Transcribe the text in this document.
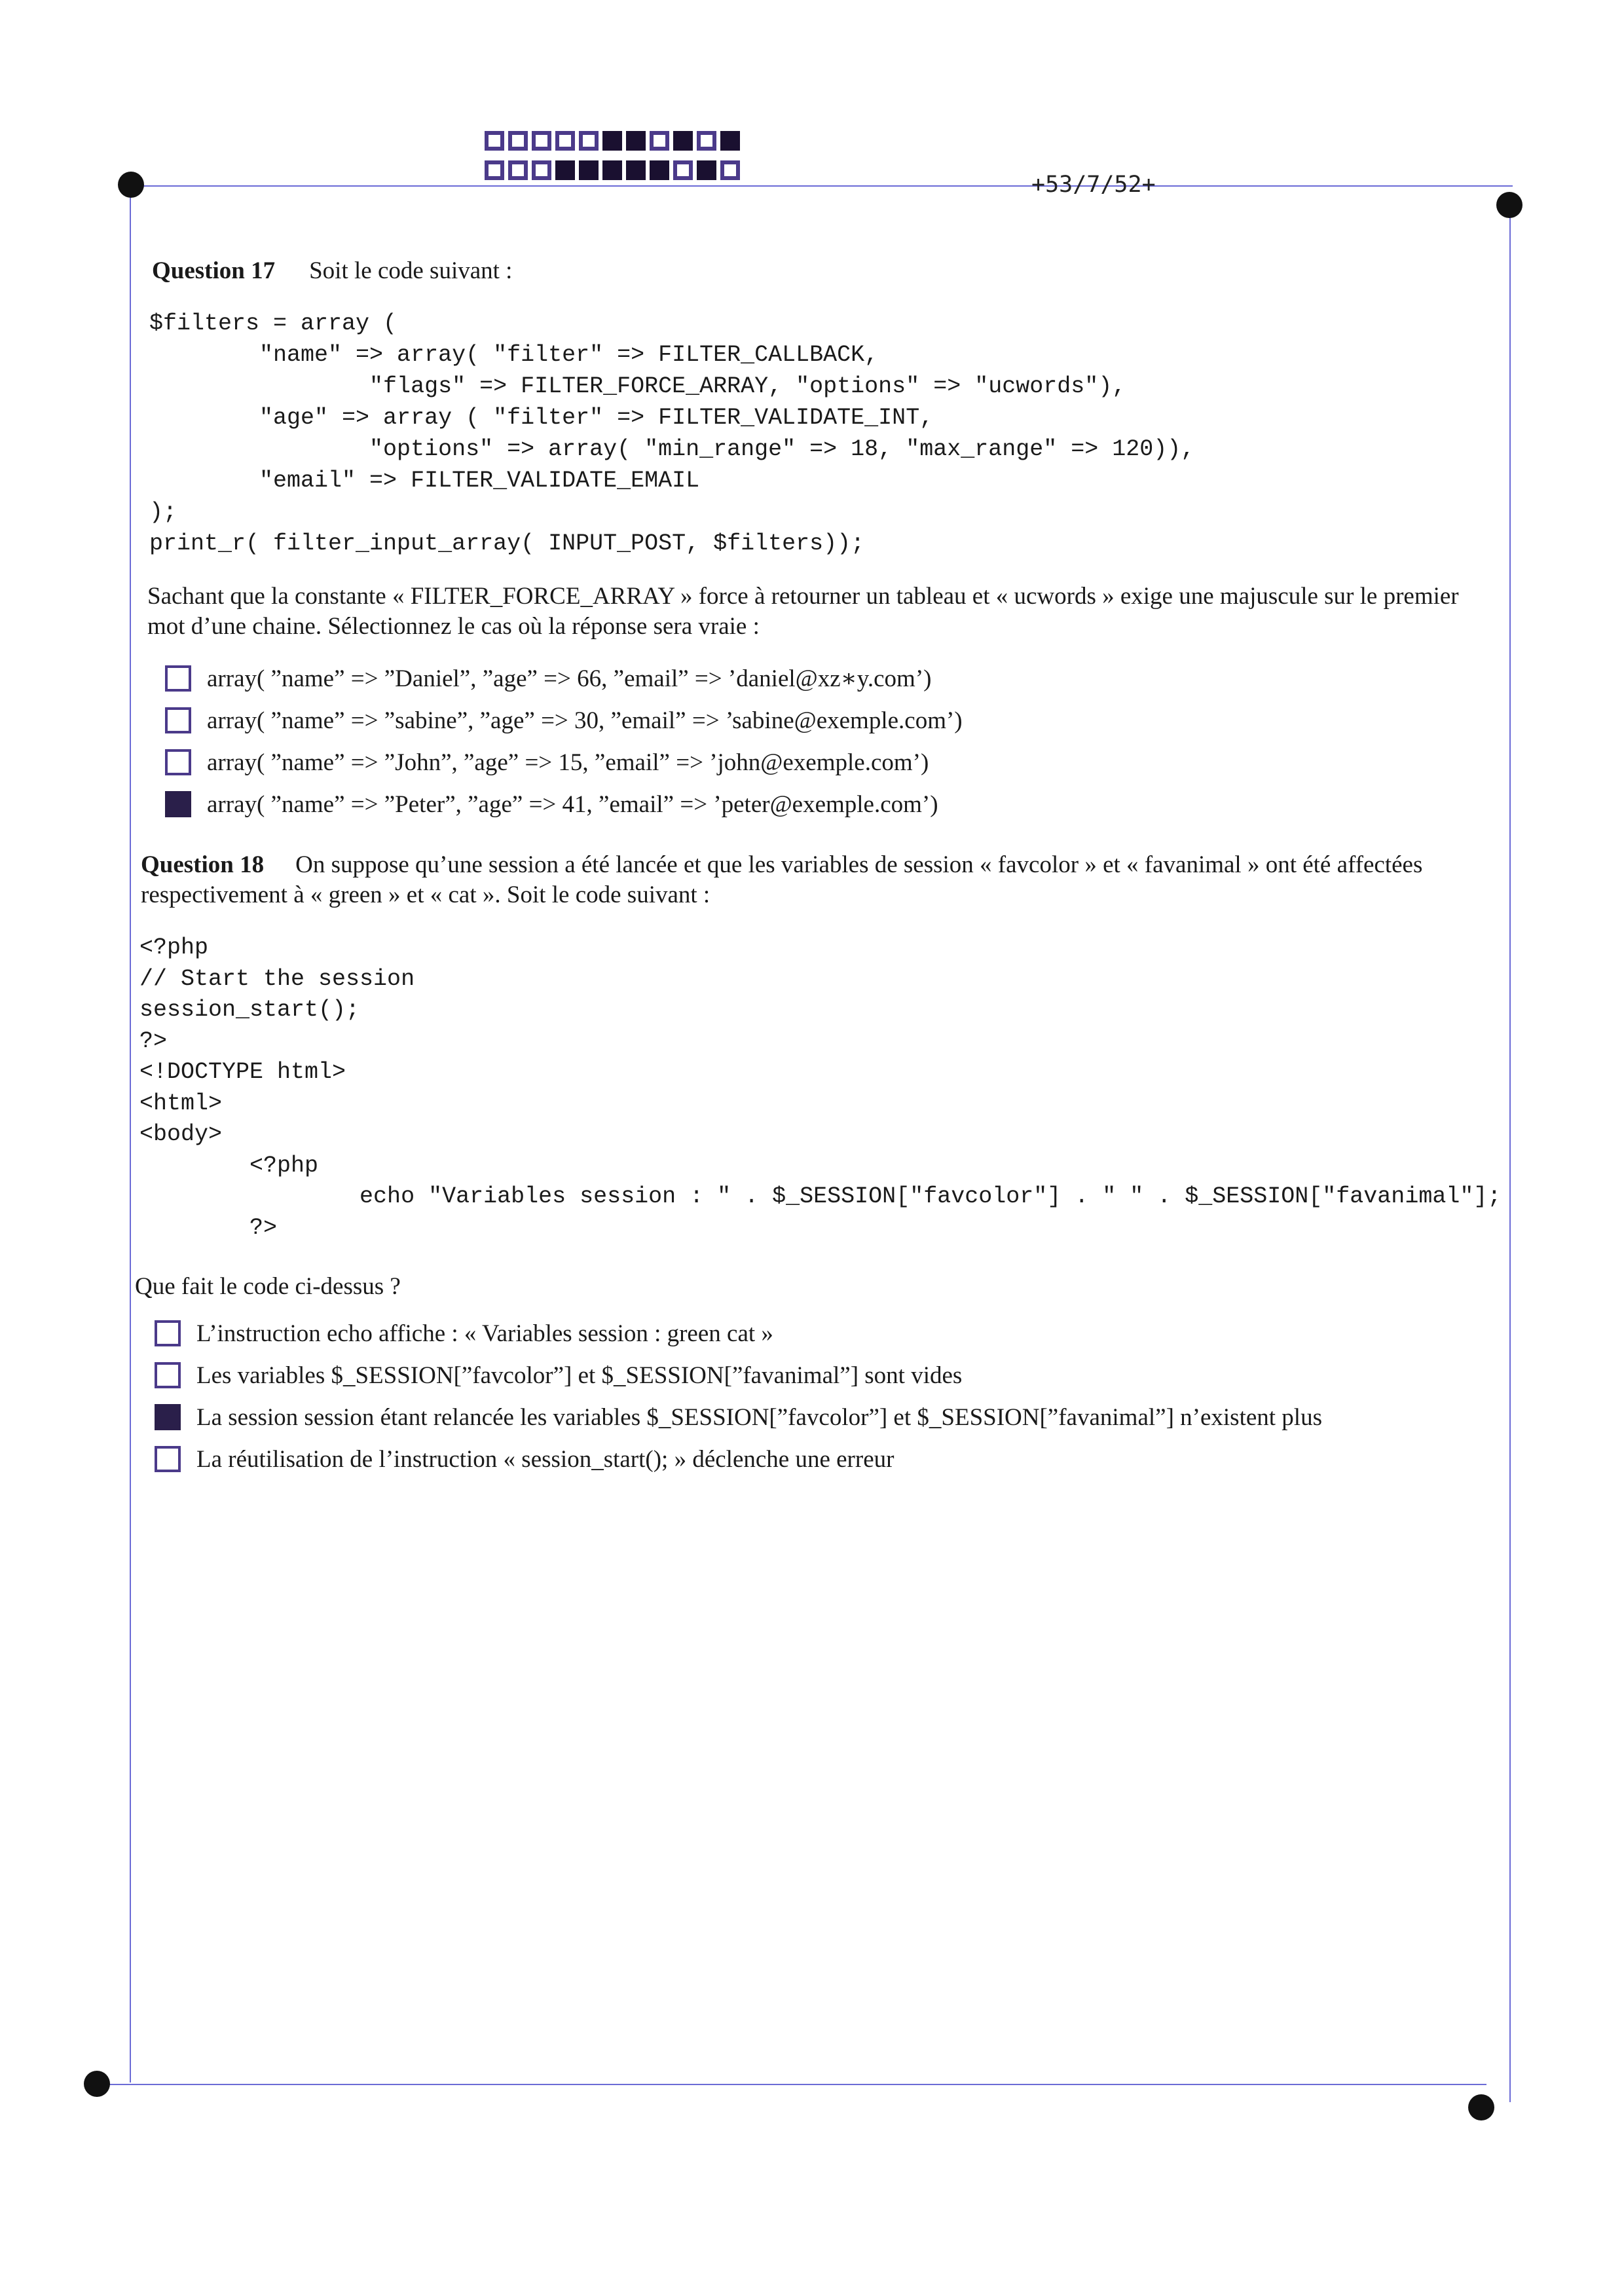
+53/7/52+
Question 17 Soit le code suivant :
$filters = array (
"name" => array( "filter" => FILTER_CALLBACK,
"flags" => FILTER_FORCE_ARRAY, "options" => "ucwords"),
"age" => array ( "filter" => FILTER_VALIDATE_INT,
"options" => array( "min_range" => 18, "max_range" => 120)),
"email" => FILTER_VALIDATE_EMAIL
);
print_r( filter_input_array( INPUT_POST, $filters));
Sachant que la constante « FILTER_FORCE_ARRAY » force à retourner un tableau et « ucwords » exige une majuscule sur le premier mot d’une chaine. Sélectionnez le cas où la réponse sera vraie :
array( ”name” => ”Daniel”, ”age” => 66, ”email” => ’daniel@xz∗y.com’)
array( ”name” => ”sabine”, ”age” => 30, ”email” => ’sabine@exemple.com’)
array( ”name” => ”John”, ”age” => 15, ”email” => ’john@exemple.com’)
array( ”name” => ”Peter”, ”age” => 41, ”email” => ’peter@exemple.com’)
Question 18 On suppose qu’une session a été lancée et que les variables de session « favcolor » et « favanimal » ont été affectées respectivement à « green » et « cat ». Soit le code suivant :
<?php
// Start the session
session_start();
?>
<!DOCTYPE html>
<html>
<body>
<?php
echo "Variables session : " . $_SESSION["favcolor"] . " " . $_SESSION["favanimal"];
?>
Que fait le code ci-dessus ?
L’instruction echo affiche : « Variables session : green cat »
Les variables $_SESSION[”favcolor”] et $_SESSION[”favanimal”] sont vides
La session session étant relancée les variables $_SESSION[”favcolor”] et $_SESSION[”favanimal”] n’existent plus
La réutilisation de l’instruction « session_start(); » déclenche une erreur
